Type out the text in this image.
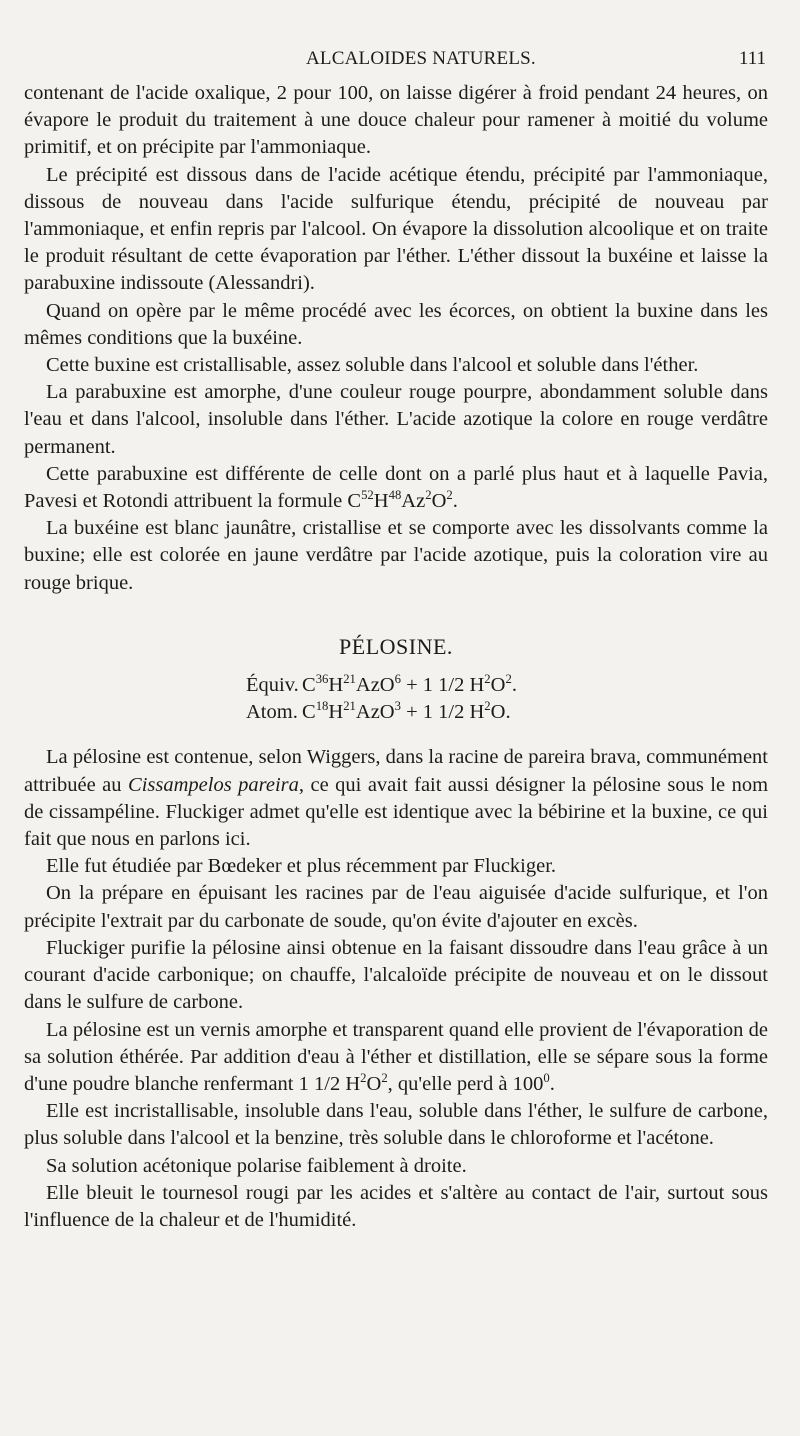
ALCALOIDES NATURELS.	111

contenant de l'acide oxalique, 2 pour 100, on laisse digérer à froid pendant 24 heures, on évapore le produit du traitement à une douce chaleur pour ramener à moitié du volume primitif, et on précipite par l'ammoniaque.

Le précipité est dissous dans de l'acide acétique étendu, précipité par l'ammoniaque, dissous de nouveau dans l'acide sulfurique étendu, précipité de nouveau par l'ammoniaque, et enfin repris par l'alcool. On évapore la dissolution alcoolique et on traite le produit résultant de cette évaporation par l'éther. L'éther dissout la buxéine et laisse la parabuxine indissoute (Alessandri).

Quand on opère par le même procédé avec les écorces, on obtient la buxine dans les mêmes conditions que la buxéine.

Cette buxine est cristallisable, assez soluble dans l'alcool et soluble dans l'éther.

La parabuxine est amorphe, d'une couleur rouge pourpre, abondamment soluble dans l'eau et dans l'alcool, insoluble dans l'éther. L'acide azotique la colore en rouge verdâtre permanent.

Cette parabuxine est différente de celle dont on a parlé plus haut et à laquelle Pavia, Pavesi et Rotondi attribuent la formule $C^{52}H^{48}Az^2O^2$.

La buxéine est blanc jaunâtre, cristallise et se comporte avec les dissolvants comme la buxine; elle est colorée en jaune verdâtre par l'acide azotique, puis la coloration vire au rouge brique.

PÉLOSINE.
Équiv. $C^{36}H^{21}AzO^6 + 1$ 1/2 $H^2O^2$.
Atom. $C^{18}H^{21}AzO^3 + 1$ 1/2 $H^2O$.

La pélosine est contenue, selon Wiggers, dans la racine de pareira brava, communément attribuée au Cissampelos pareira, ce qui avait fait aussi désigner la pélosine sous le nom de cissampéline. Fluckiger admet qu'elle est identique avec la bébirine et la buxine, ce qui fait que nous en parlons ici.

Elle fut étudiée par Bœdeker et plus récemment par Fluckiger.

On la prépare en épuisant les racines par de l'eau aiguisée d'acide sulfurique, et l'on précipite l'extrait par du carbonate de soude, qu'on évite d'ajouter en excès.

Fluckiger purifie la pélosine ainsi obtenue en la faisant dissoudre dans l'eau grâce à un courant d'acide carbonique; on chauffe, l'alcaloïde précipite de nouveau et on le dissout dans le sulfure de carbone.

La pélosine est un vernis amorphe et transparent quand elle provient de l'évaporation de sa solution éthérée. Par addition d'eau à l'éther et distillation, elle se sépare sous la forme d'une poudre blanche renfermant 1 1/2 $H^2O^2$, qu'elle perd à $100^0$.

Elle est incristallisable, insoluble dans l'eau, soluble dans l'éther, le sulfure de carbone, plus soluble dans l'alcool et la benzine, très soluble dans le chloroforme et l'acétone.

Sa solution acétonique polarise faiblement à droite.

Elle bleuit le tournesol rougi par les acides et s'altère au contact de l'air, surtout sous l'influence de la chaleur et de l'humidité.
